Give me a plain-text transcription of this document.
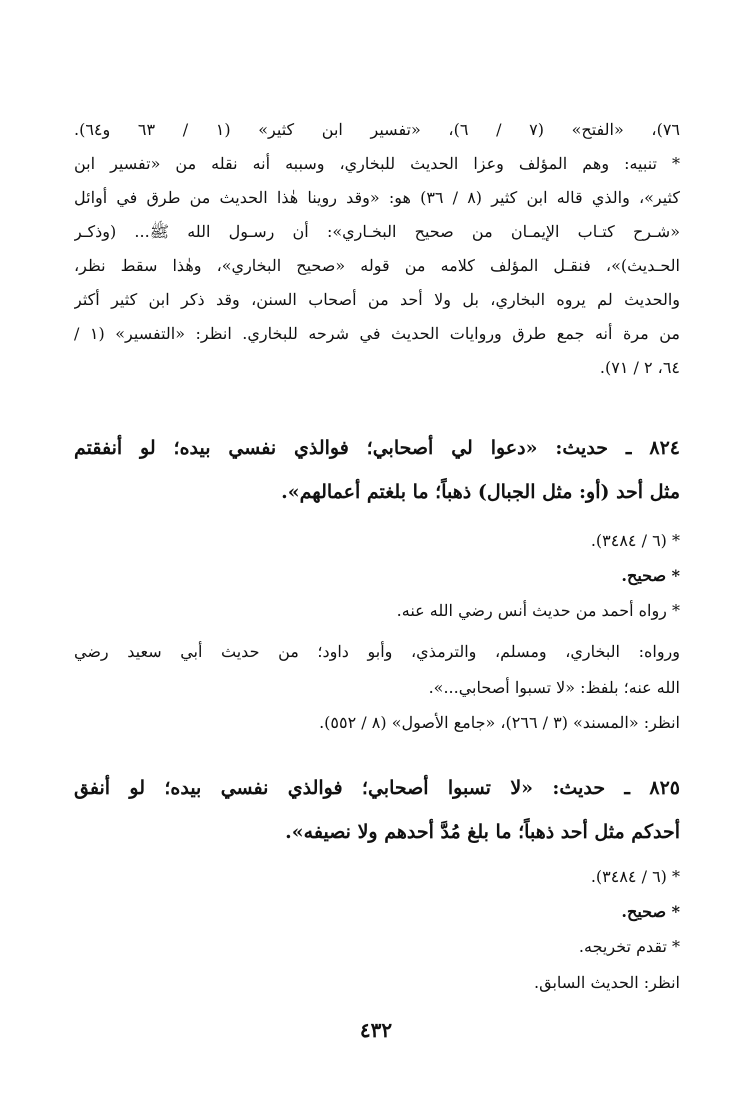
٧٦)، «الفتح» (٧ / ٦)، «تفسير ابن كثير» (١ / ٦٣ و٦٤).
* تنبيه: وهم المؤلف وعزا الحديث للبخاري، وسببه أنه نقله من «تفسير ابن
كثير»، والذي قاله ابن كثير (٨ / ٣٦) هو: «وقد روينا هٰذا الحديث من طرق في أوائل
«شـرح كتـاب الإيمـان من صحيح البخـاري»: أن رسـول الله ﷺ... (وذكـر
الحـديث)»، فنقـل المؤلف كلامه من قوله «صحيح البخاري»، وهٰذا سقط نظر،
والحديث لم يروه البخاري، بل ولا أحد من أصحاب السنن، وقد ذكر ابن كثير أكثر
من مرة أنه جمع طرق وروايات الحديث في شرحه للبخاري. انظر: «التفسير» (١ /
٦٤، ٢ / ٧١).
٨٢٤ ـ حديث: «دعوا لي أصحابي؛ فوالذي نفسي بيده؛ لو أنفقتم
مثل أحد (أو: مثل الجبال) ذهباً؛ ما بلغتم أعمالهم».
* (٦ / ٣٤٨٤).
* صحيح.
* رواه أحمد من حديث أنس رضي الله عنه.
ورواه: البخاري، ومسلم، والترمذي، وأبو داود؛ من حديث أبي سعيد رضي
الله عنه؛ بلفظ: «لا تسبوا أصحابي...».
انظر: «المسند» (٣ / ٢٦٦)، «جامع الأصول» (٨ / ٥٥٢).
٨٢٥ ـ حديث: «لا تسبوا أصحابي؛ فوالذي نفسي بيده؛ لو أنفق
أحدكم مثل أحد ذهباً؛ ما بلغ مُدَّ أحدهم ولا نصيفه».
* (٦ / ٣٤٨٤).
* صحيح.
* تقدم تخريجه.
انظر: الحديث السابق.
٤٣٢
